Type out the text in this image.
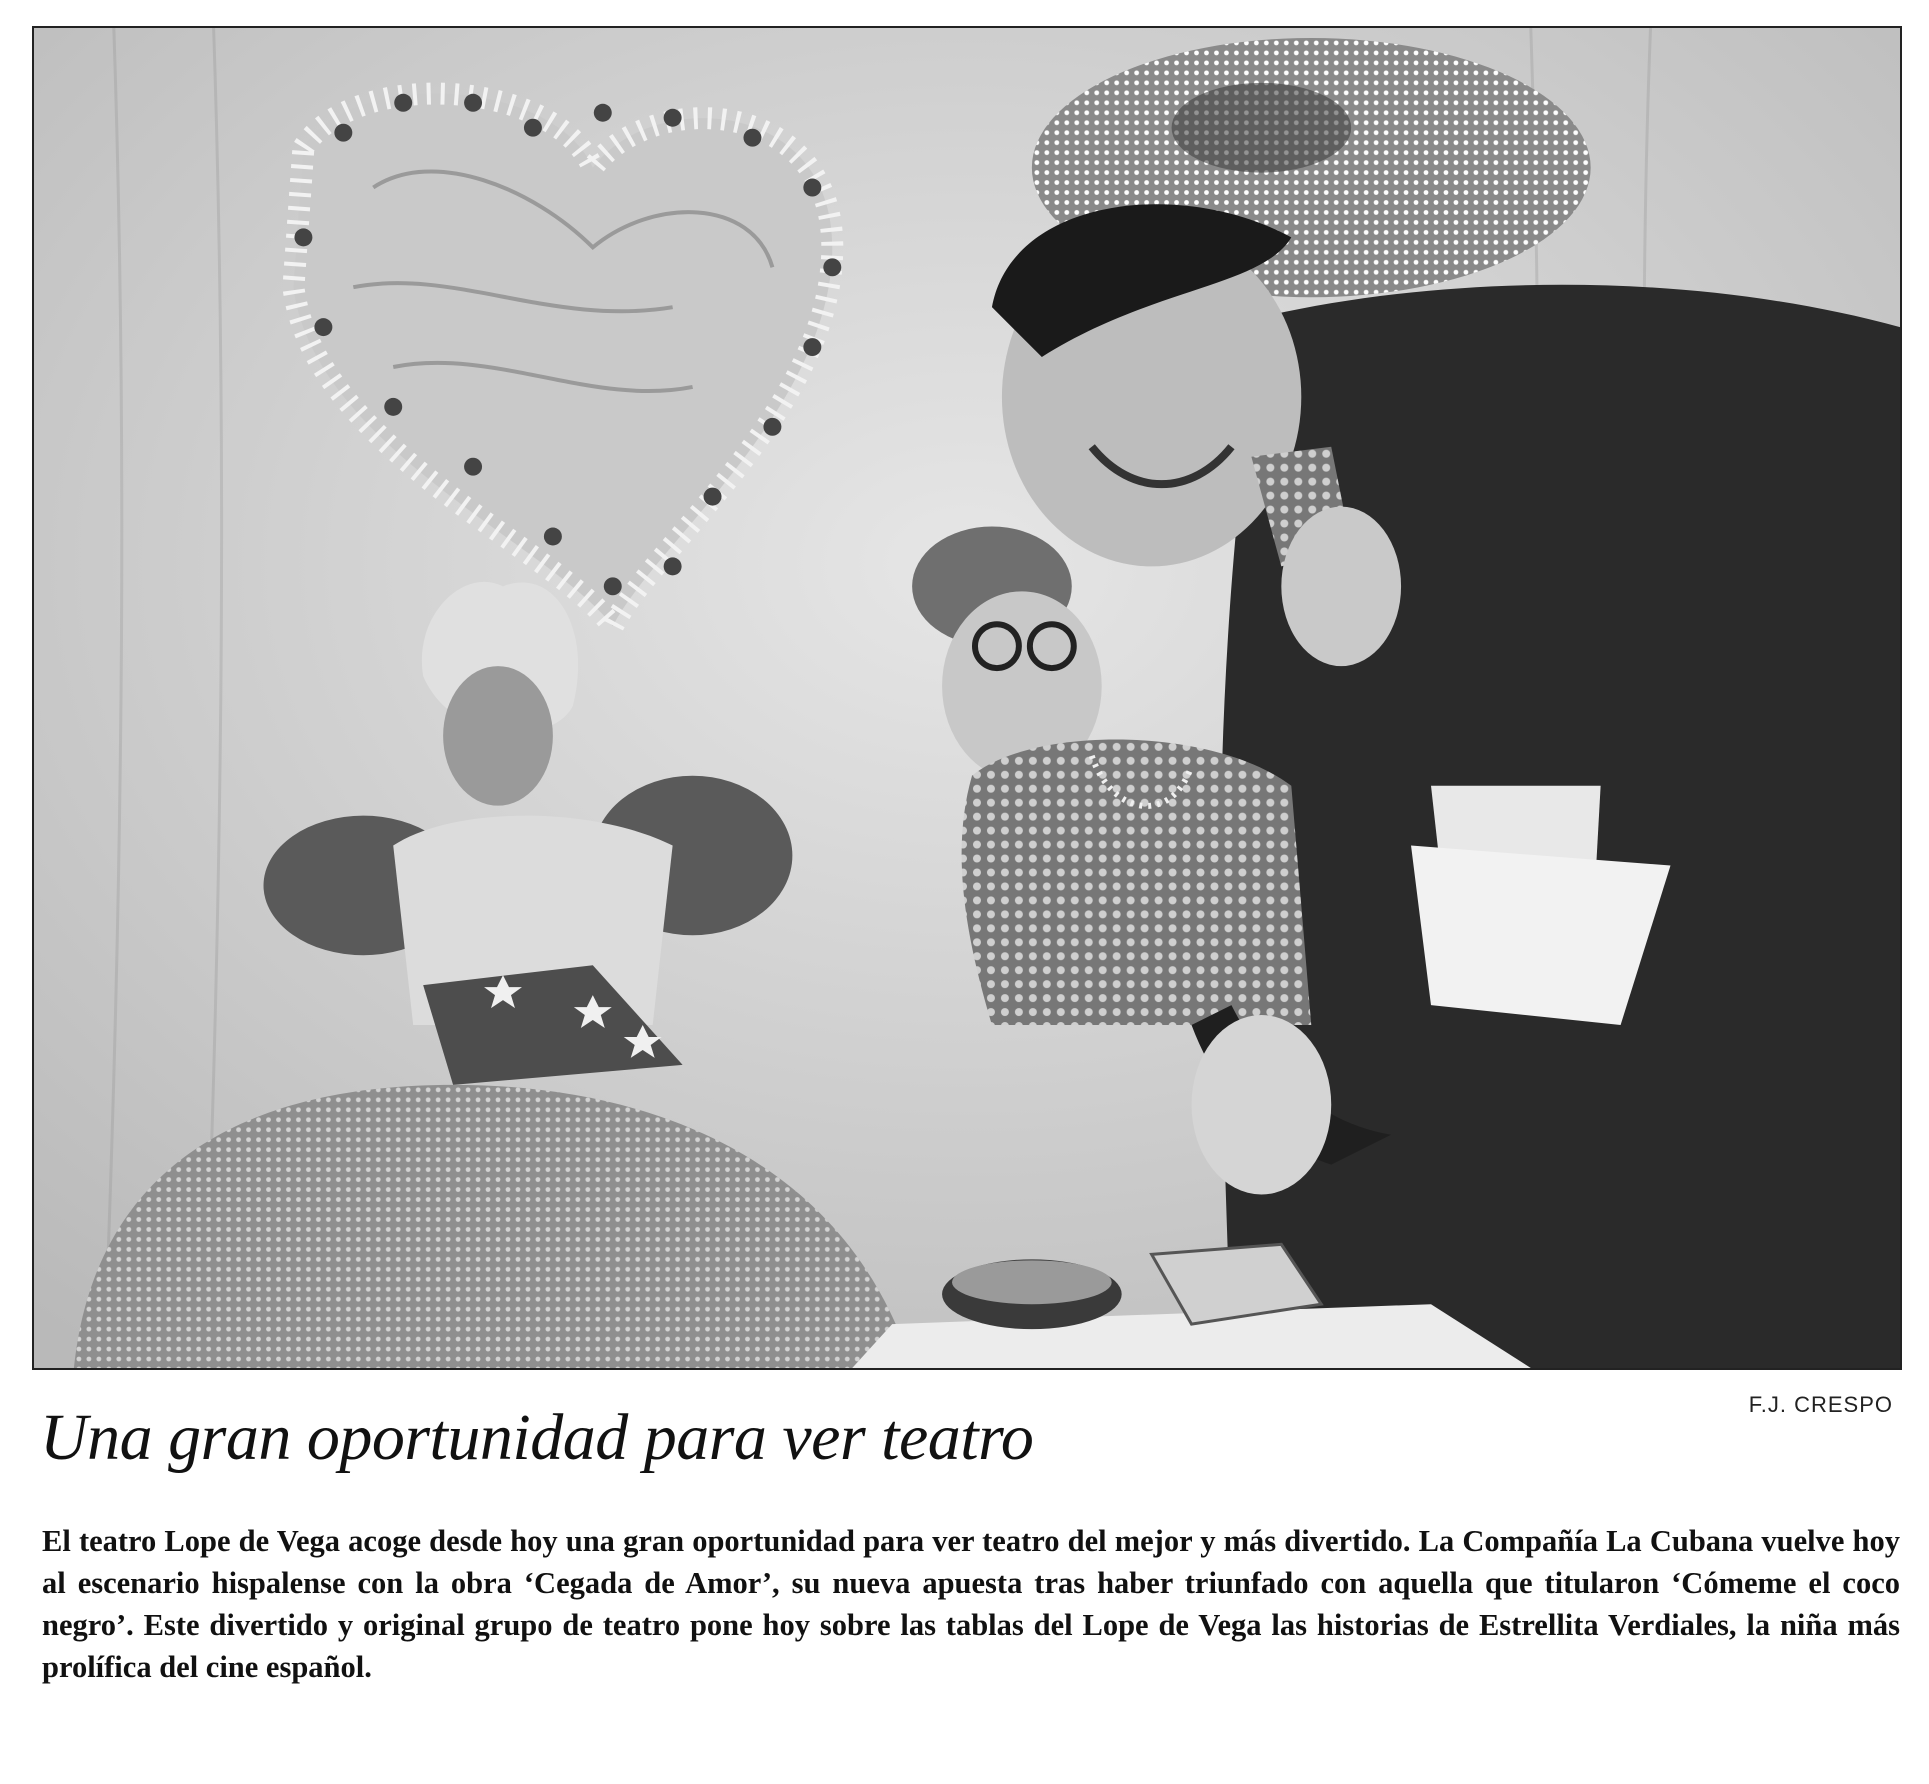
F.J. CRESPO
Una gran oportunidad para ver teatro

El teatro Lope de Vega acoge desde hoy una gran oportunidad para ver teatro del mejor y más divertido. La Compañía La Cubana vuelve hoy al escenario hispalense con la obra ‘Cegada de Amor’, su nueva apuesta tras haber triunfado con aquella que titularon ‘Cómeme el coco negro’. Este divertido y original grupo de teatro pone hoy sobre las tablas del Lope de Vega las historias de Estrellita Verdiales, la niña más prolífica del cine español.
